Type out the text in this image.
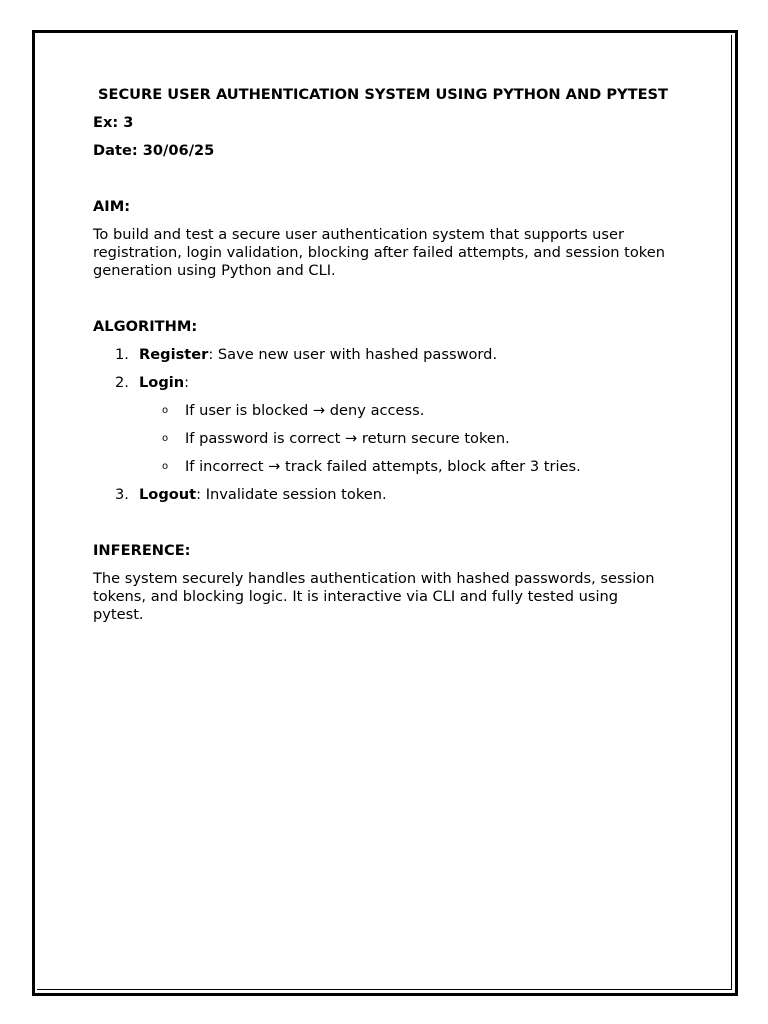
SECURE USER AUTHENTICATION SYSTEM USING PYTHON AND PYTEST

Ex: 3

Date: 30/06/25

AIM:

To build and test a secure user authentication system that supports user registration, login validation, blocking after failed attempts, and session token generation using Python and CLI.

ALGORITHM:

1. Register: Save new user with hashed password.
2. Login:
o If user is blocked → deny access.
o If password is correct → return secure token.
o If incorrect → track failed attempts, block after 3 tries.
3. Logout: Invalidate session token.

INFERENCE:

The system securely handles authentication with hashed passwords, session tokens, and blocking logic. It is interactive via CLI and fully tested using pytest.
